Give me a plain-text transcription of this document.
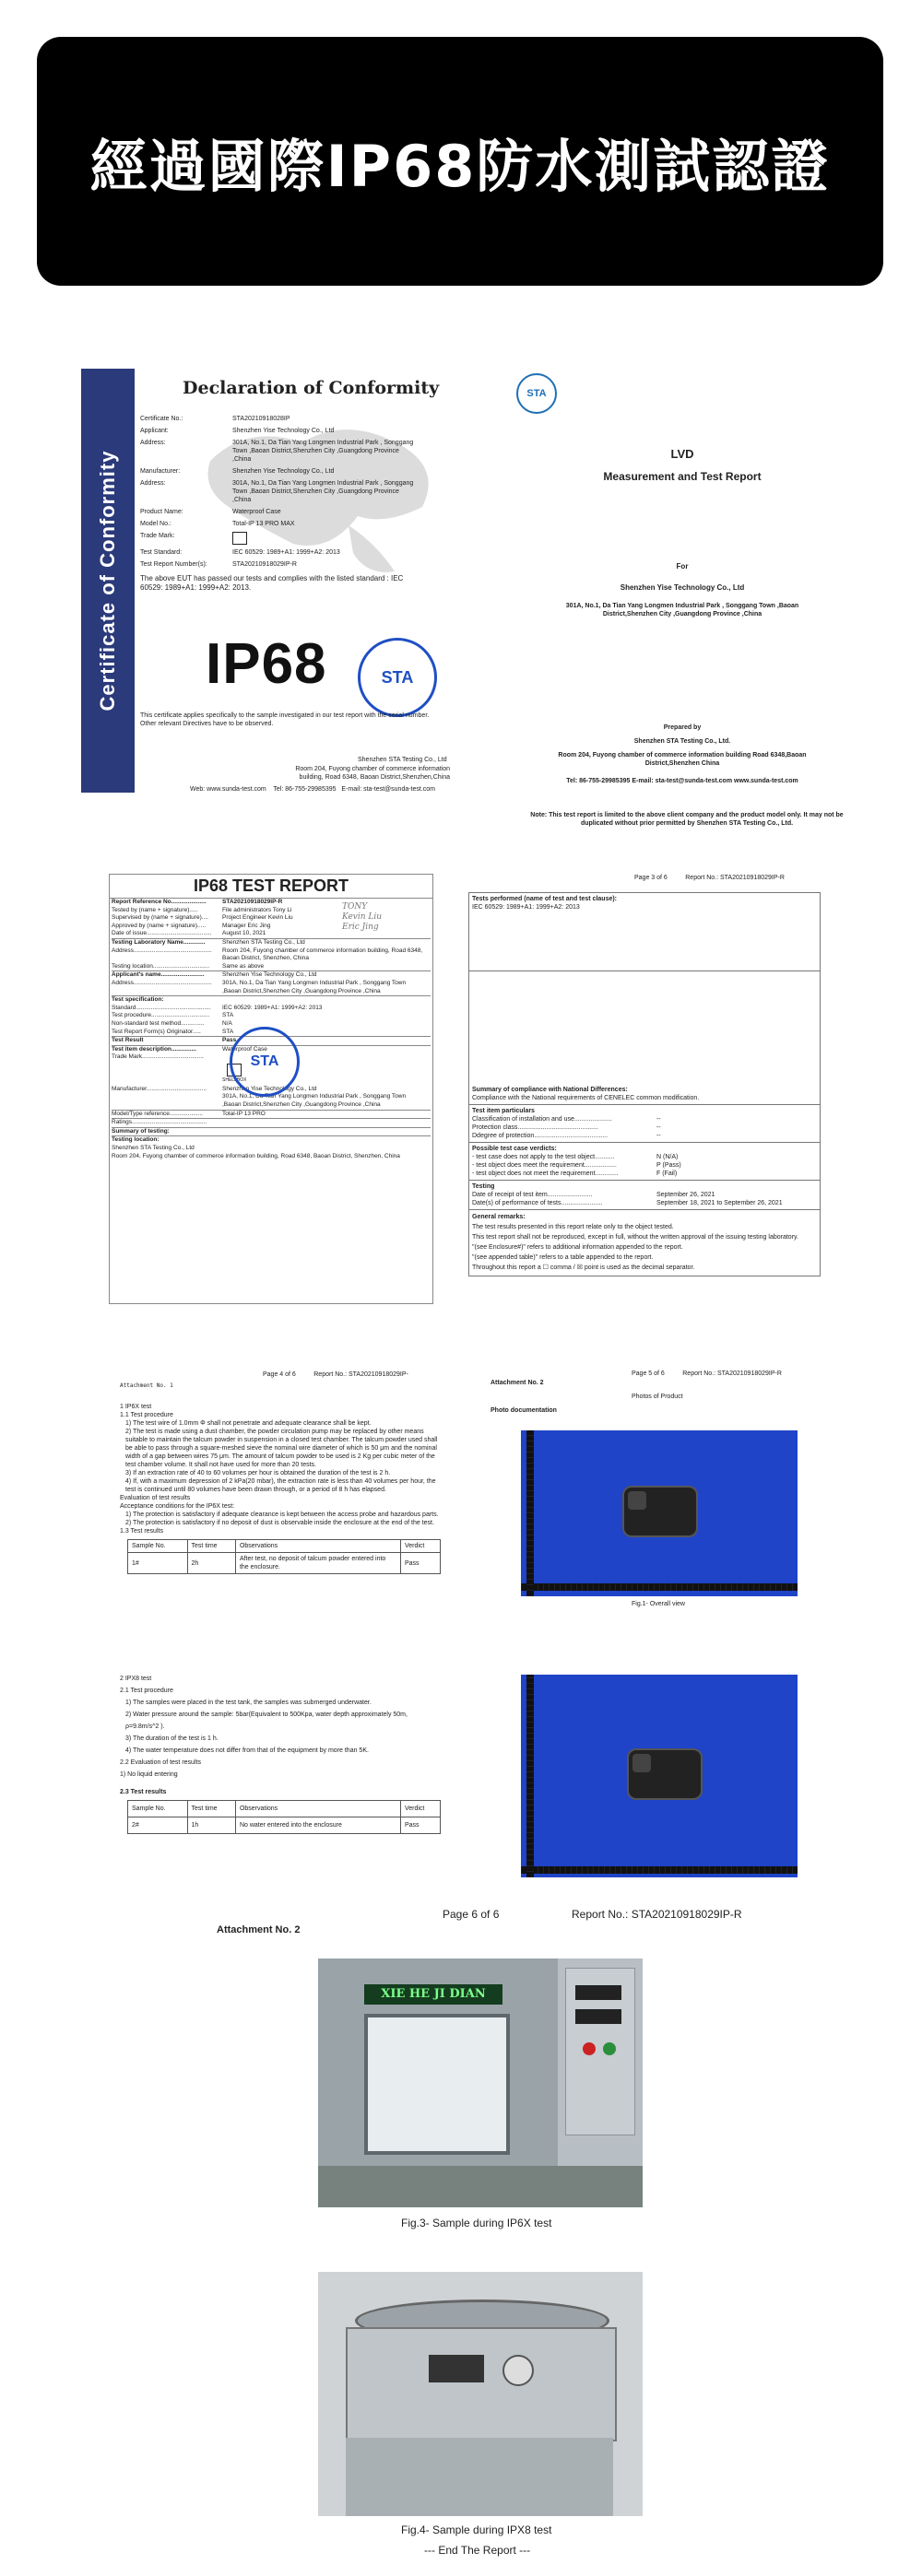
經過國際IP68防水測試認證
Certificate of Conformity
Declaration of Conformity
Certificate No.:	STA20210918028IP
Applicant:	Shenzhen Yise Technology Co., Ltd
Address:	301A, No.1, Da Tian Yang Longmen Industrial Park , Songgang Town ,Baoan District,Shenzhen City ,Guangdong Province ,China
Manufacturer:	Shenzhen Yise Technology Co., Ltd
Address:	301A, No.1, Da Tian Yang Longmen Industrial Park , Songgang Town ,Baoan District,Shenzhen City ,Guangdong Province ,China
Product Name:	Waterproof Case
Model No.:	Total-IP 13 PRO MAX
Trade Mark:
Test Standard:	IEC 60529: 1989+A1: 1999+A2: 2013
Test Report Number(s):	STA20210918029IP-R
The above EUT has passed our tests and complies with the listed standard : IEC 60529: 1989+A1: 1999+A2: 2013.
IP68	STA
This certificate applies specifically to the sample investigated in our test report with the serial number. Other relevant Directives have to be observed.
Shenzhen STA Testing Co., Ltd
Room 204, Fuyong chamber of commerce information building, Road 6348, Baoan District,Shenzhen,China
Web: www.sunda-test.com Tel: 86-755-29985395 E-mail: sta-test@sunda-test.com
STA
LVD
Measurement and Test Report
For
Shenzhen Yise Technology Co., Ltd
301A, No.1, Da Tian Yang Longmen Industrial Park , Songgang Town ,Baoan District,Shenzhen City ,Guangdong Province ,China
Prepared by
Shenzhen STA Testing Co., Ltd.
Room 204, Fuyong chamber of commerce information building Road 6348,Baoan District,Shenzhen China
Tel: 86-755-29985395 E-mail: sta-test@sunda-test.com www.sunda-test.com
Note: This test report is limited to the above client company and the product model only. It may not be duplicated without prior permitted by Shenzhen STA Testing Co., Ltd.
IP68 TEST REPORT
Report Reference No.....................	STA20210918029IP-R
Tested by (name + signature).....	File administrators Tony Li
Supervised by (name + signature)....	Project Engineer Kevin Liu
Approved by (name + signature).....	Manager Eric Jing
Date of issue.......................................	August 10, 2021
Testing Laboratory Name.............	Shenzhen STA Testing Co., Ltd
Address...............................................	Room 204, Fuyong chamber of commerce information building, Road 6348, Baoan District, Shenzhen, China
Testing location..................................	Same as above
Applicant's name..........................	Shenzhen Yise Technology Co., Ltd
Address...............................................	301A, No.1, Da Tian Yang Longmen Industrial Park , Songgang Town ,Baoan District,Shenzhen City ,Guangdong Province ,China
Test specification:
Standard.............................................	IEC 60529: 1989+A1: 1999+A2: 2013
Test procedure...................................	STA
Non-standard test method..............	N/A
Test Report Form(s) Originator.....	STA
Test Result	Pass
Test item description...............	Waterproof Case
Trade Mark.....................................
SHELLBOX
Manufacturer....................................	Shenzhen Yise Technology Co., Ltd
301A, No.1, Da Tian Yang Longmen Industrial Park , Songgang Town ,Baoan District,Shenzhen City ,Guangdong Province ,China
Model/Type reference....................	Total-IP 13 PRO
Ratings.............................................
Summary of testing:
Testing location:
Shenzhen STA Testing Co., Ltd
Room 204, Fuyong chamber of commerce information building, Road 6348, Baoan District, Shenzhen, China
TONY
Kevin Liu
Eric Jing
STA
Page 3 of 6          Report No.: STA20210918029IP-R
Tests performed (name of test and test clause):
IEC 60529: 1989+A1: 1999+A2: 2013
Summary of compliance with National Differences:
Compliance with the National requirements of CENELEC common modification.
Test item particulars
Classification of installation and use.....................	--
Protection class.............................................	--
Ddegree of protection.........................................	--
Possible test case verdicts:
- test case does not apply to the test object...........	N (N/A)
- test object does meet the requirement..................	P (Pass)
- test object does not meet the requirement.............	F (Fail)
Testing
Date of receipt of test item.........................	September 26, 2021
Date(s) of performance of tests.......................	September 18, 2021 to September 26, 2021
General remarks:
The test results presented in this report relate only to the object tested.
This test report shall not be reproduced, except in full, without the written approval of the issuing testing laboratory.
"(see Enclosure#)" refers to additional information appended to the report.
"(see appended table)" refers to a table appended to the report.
Throughout this report a ☐ comma / ☒ point is used as the decimal separator.
Page 4 of 6          Report No.: STA20210918029IP-
Attachment No. 1
1 IP6X test
1.1 Test procedure
1) The test wire of 1.0mm Φ shall not penetrate and adequate clearance shall be kept.
2) The test is made using a dust chamber, the powder circulation pump may be replaced by other means suitable to maintain the talcum powder in suspension in a closed test chamber. The talcum powder used shall be able to pass through a square-meshed sieve the nominal wire diameter of which is 50 μm and the nominal width of a gap between wires 75 μm. The amount of talcum powder to be used is 2 Kg per cubic meter of the test chamber volume. It shall not have used for more than 20 tests.
3) If an extraction rate of 40 to 60 volumes per hour is obtained the duration of the test is 2 h.
4) If, with a maximum depression of 2 kPa(20 mbar), the extraction rate is less than 40 volumes per hour, the test is continued until 80 volumes have been drawn through, or a period of 8 h has elapsed.
Evaluation of test results
Acceptance conditions for the IP6X test:
1) The protection is satisfactory if adequate clearance is kept between the access probe and hazardous parts.
2) The protection is satisfactory if no deposit of dust is observable inside the enclosure at the end of the test.
1.3 Test results
Sample No.	Test time	Observations	Verdict
1#	2h	After test, no deposit of talcum powder entered into the enclosure.	Pass
2 IPX8 test
2.1 Test procedure
1) The samples were placed in the test tank, the samples was submerged underwater.
2) Water pressure around the sample: 5bar(Equivalent to 500Kpa, water depth approximately 50m, ρ=9.8m/s^2 ).
3) The duration of the test is 1 h.
4) The water temperature does not differ from that of the equipment by more than 5K.
2.2 Evaluation of test results
1) No liquid entering
2.3 Test results
Sample No.	Test time	Observations	Verdict
2#	1h	No water entered into the enclosure	Pass
Page 5 of 6          Report No.: STA20210918029IP-R
Attachment No. 2
Photos of Product
Photo documentation
Fig.1- Overall view
Page 6 of 6	Report No.: STA20210918029IP-R
Attachment No. 2
XIE HE JI DIAN
Fig.3- Sample during IP6X test
Fig.4- Sample during IPX8 test
--- End The Report ---
